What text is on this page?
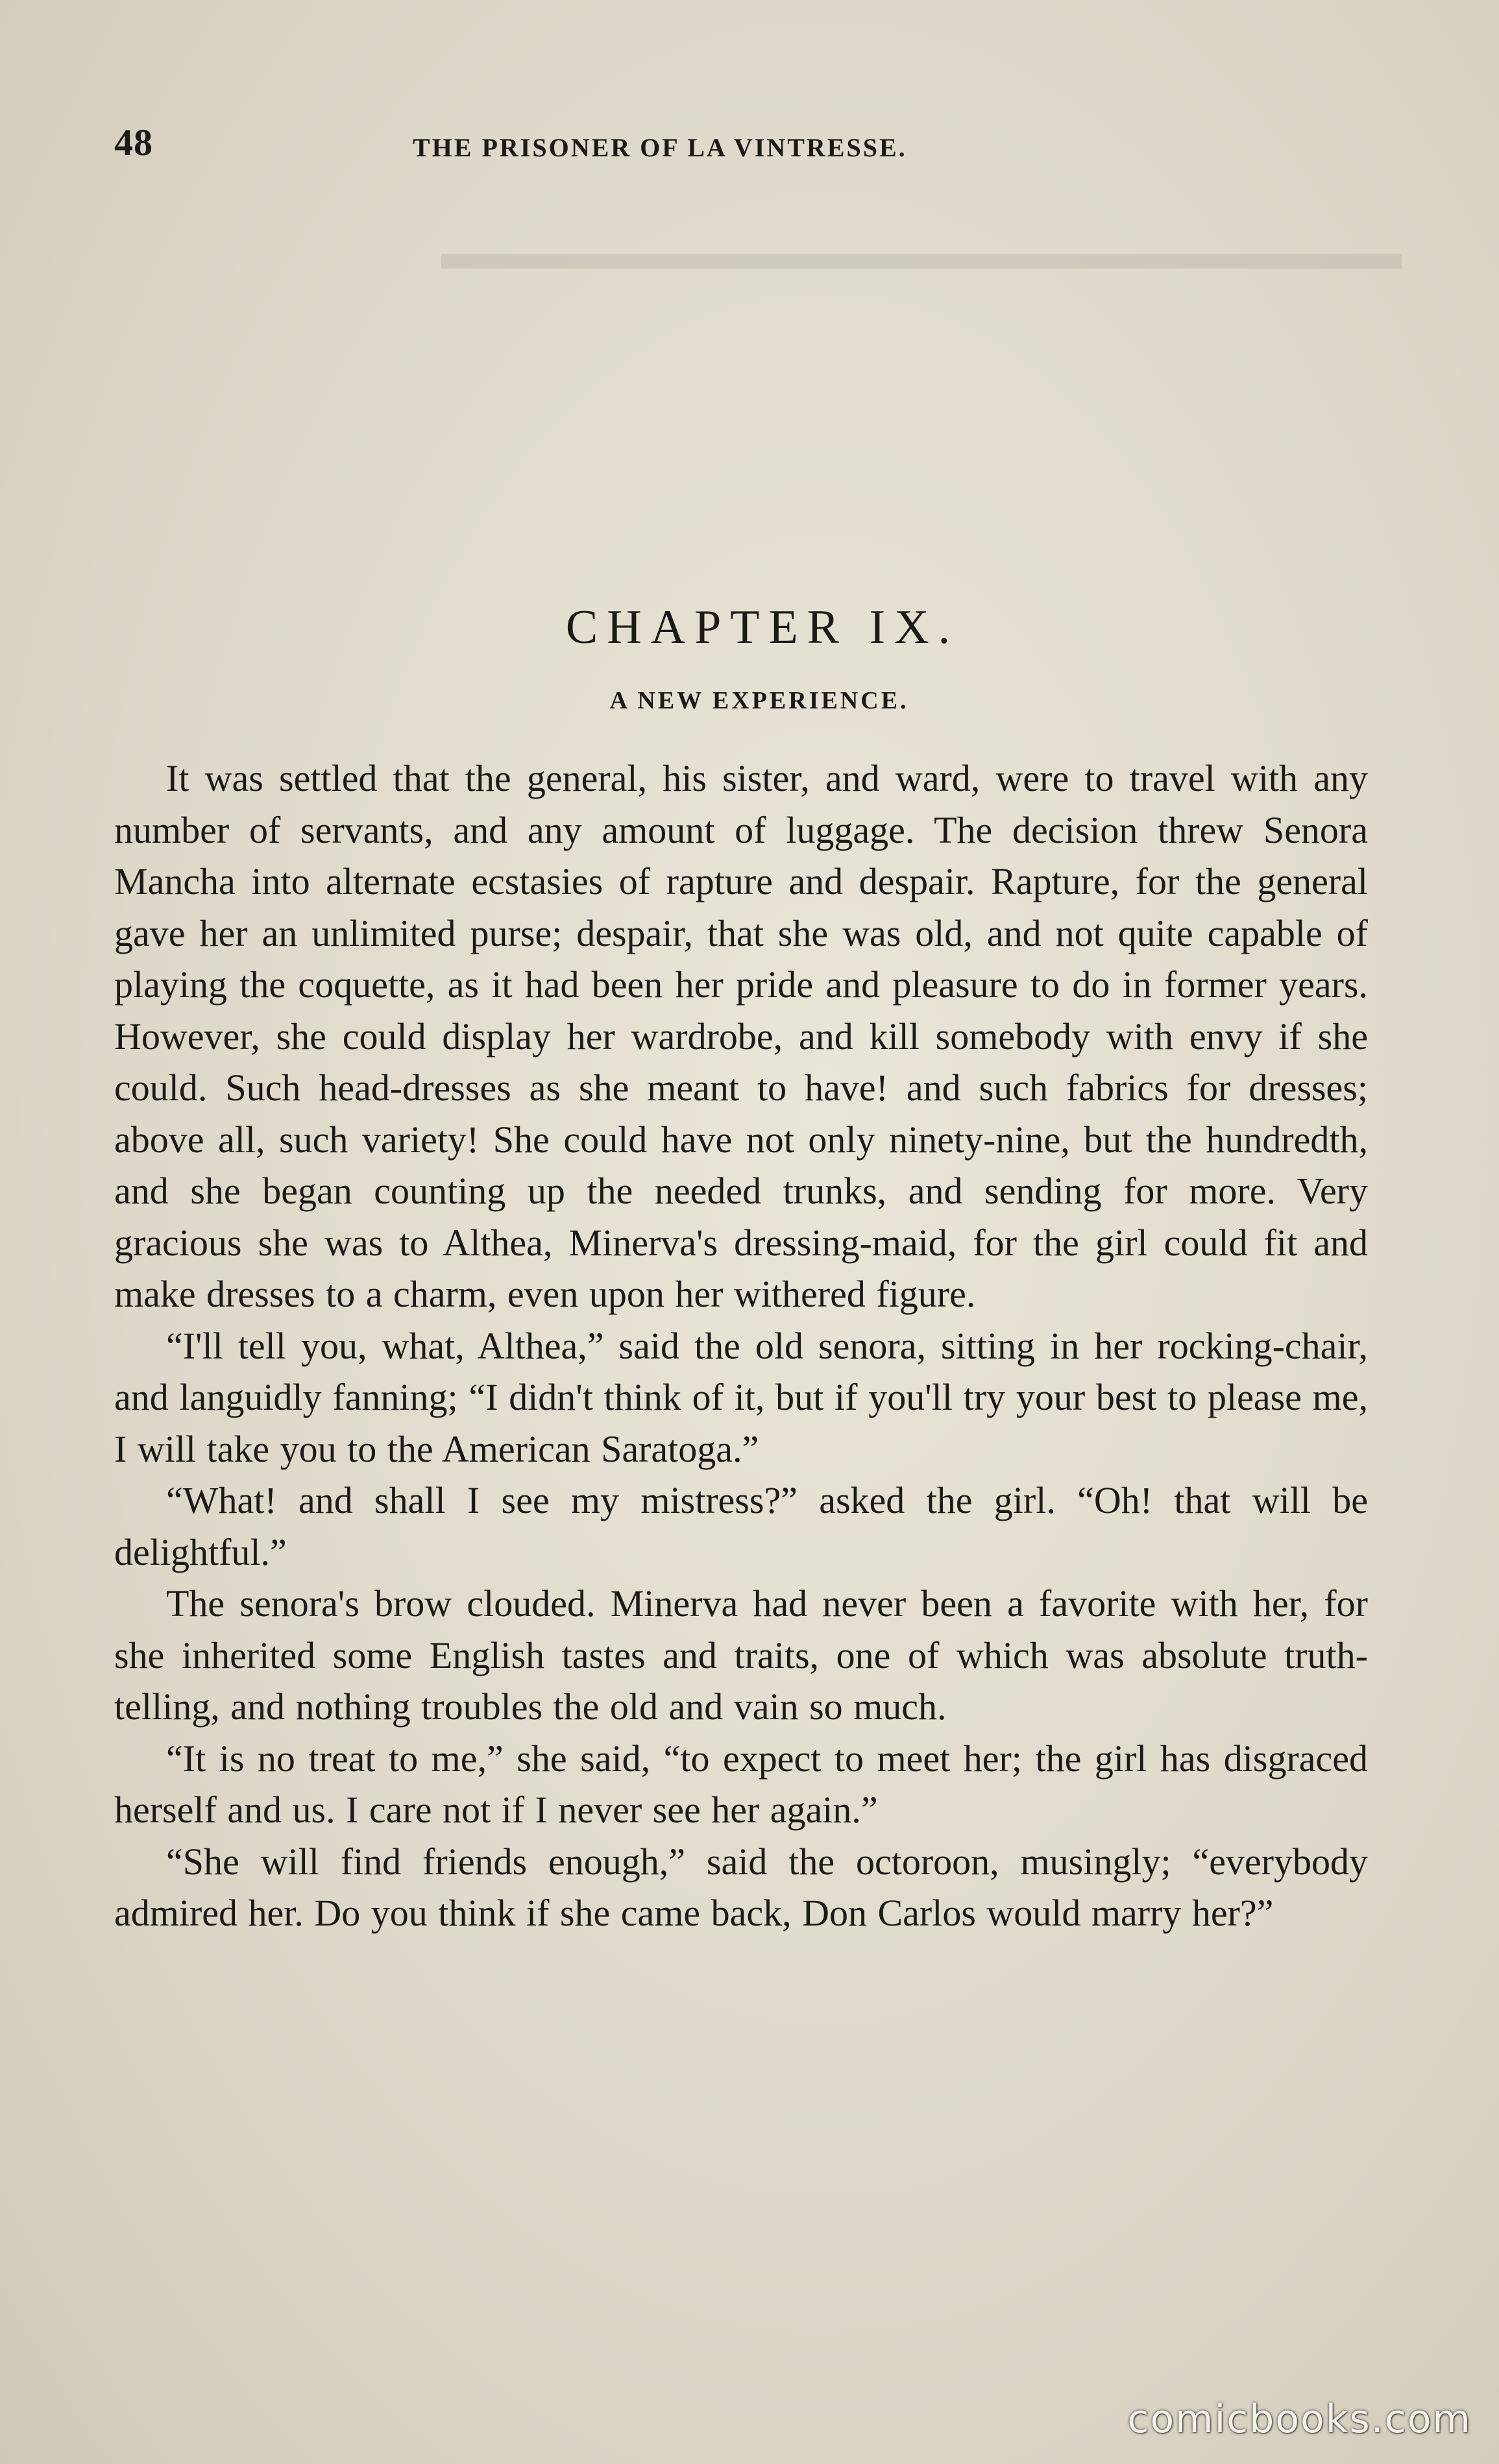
▬▬▬▬▬▬▬▬▬▬▬▬▬▬▬▬▬▬▬▬
48	THE PRISONER OF LA VINTRESSE.
CHAPTER IX.
A NEW EXPERIENCE.

It was settled that the general, his sister, and ward, were to travel with any number of servants, and any amount of luggage. The decision threw Senora Mancha into alternate ecstasies of rapture and despair. Rapture, for the general gave her an unlimited purse; despair, that she was old, and not quite capable of playing the coquette, as it had been her pride and pleasure to do in former years. However, she could display her wardrobe, and kill somebody with envy if she could. Such head-dresses as she meant to have! and such fabrics for dresses; above all, such variety! She could have not only ninety-nine, but the hundredth, and she began counting up the needed trunks, and sending for more. Very gracious she was to Althea, Minerva's dressing-maid, for the girl could fit and make dresses to a charm, even upon her withered figure.

“I'll tell you, what, Althea,” said the old senora, sitting in her rocking-chair, and languidly fanning; “I didn't think of it, but if you'll try your best to please me, I will take you to the American Saratoga.”

“What! and shall I see my mistress?” asked the girl. “Oh! that will be delightful.”

The senora's brow clouded. Minerva had never been a favorite with her, for she inherited some English tastes and traits, one of which was absolute truth-telling, and nothing troubles the old and vain so much.

“It is no treat to me,” she said, “to expect to meet her; the girl has disgraced herself and us. I care not if I never see her again.”

“She will find friends enough,” said the octoroon, musingly; “everybody admired her. Do you think if she came back, Don Carlos would marry her?”

comicbooks.com
